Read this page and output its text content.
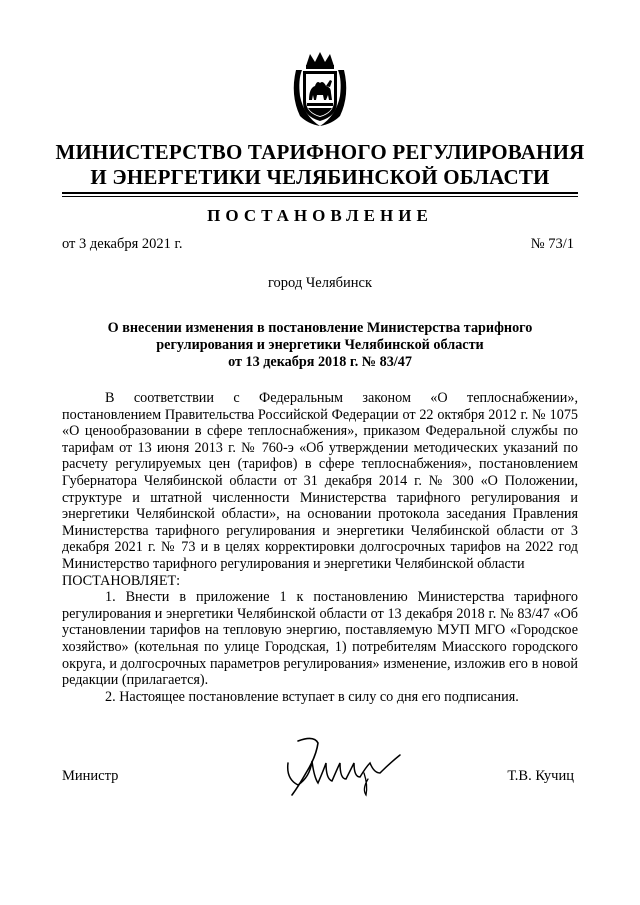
МИНИСТЕРСТВО ТАРИФНОГО РЕГУЛИРОВАНИЯ
И ЭНЕРГЕТИКИ ЧЕЛЯБИНСКОЙ ОБЛАСТИ
ПОСТАНОВЛЕНИЕ
от 3 декабря 2021 г.	№ 73/1
город Челябинск
О внесении изменения в постановление Министерства тарифного
регулирования и энергетики Челябинской области
от 13 декабря 2018 г. № 83/47

В соответствии с Федеральным законом «О теплоснабжении», постановлением Правительства Российской Федерации от 22 октября 2012 г. № 1075 «О ценообразовании в сфере теплоснабжения», приказом Федеральной службы по тарифам от 13 июня 2013 г. № 760-э «Об утверждении методических указаний по расчету регулируемых цен (тарифов) в сфере теплоснабжения», постановлением Губернатора Челябинской области от 31 декабря 2014 г. № 300 «О Положении, структуре и штатной численности Министерства тарифного регулирования и энергетики Челябинской области», на основании протокола заседания Правления Министерства тарифного регулирования и энергетики Челябинской области от 3 декабря 2021 г. № 73 и в целях корректировки долгосрочных тарифов на 2022 год Министерство тарифного регулирования и энергетики Челябинской области

ПОСТАНОВЛЯЕТ:

1. Внести в приложение 1 к постановлению Министерства тарифного регулирования и энергетики Челябинской области от 13 декабря 2018 г. № 83/47 «Об установлении тарифов на тепловую энергию, поставляемую МУП МГО «Городское хозяйство» (котельная по улице Городская, 1) потребителям Миасского городского округа, и долгосрочных параметров регулирования» изменение, изложив его в новой редакции (прилагается).

2. Настоящее постановление вступает в силу со дня его подписания.

Министр	Т.В. Кучиц
